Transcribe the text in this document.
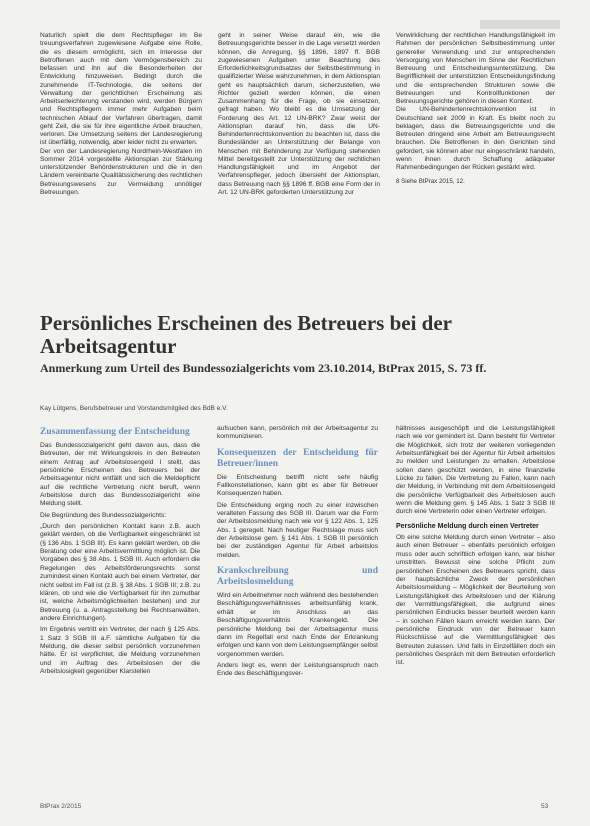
Naturlich spielt die dem Rechtspfleger im Be treuungsverfahren zugewiesene Aufgabe eine Rolle, die es diesem ermöglicht, sich im Interesse der Betroffenen auch mit dem Vermögensbereich zu befassen und ihn auf die Besonderheiten der Entwicklung hinzuweisen. Bedingt durch die zunehmende IT-Technologie, die seitens der Verwaltung der gerichtlichen Erscheinung als Arbeitserleichterung verstanden wird, werden Bürgern und Rechtspflegern immer mehr Aufgaben beim technischen Ablauf der Verfahren übertragen, damit geht Zeit, die sie für ihre eigentliche Arbeit brauchen, verloren. Die Umsetzung seitens der Landesregierung ist überfällig, notwendig, aber leider nicht zu erwarten.

Der von der Landesregierung Nordrhein-Westfalen im Sommer 2014 vorgestellte Aktionsplan zur Stärkung unterstützender Behördenstrukturen und die in den Ländern vereinbarte Qualitätssicherung des rechtlichen Betreuungswesens zur Vermeidung unnötiger Betreuungen.

geht in seiner Weise darauf ein, wie die Betreuungsgerichte besser in die Lage versetzt werden können, die Anregung, §§ 1896, 1897 ff. BGB zugewiesenen Aufgaben unter Beachtung des Erforderlichkeitsgrundsatzes der Selbstbestimmung in qualifizierter Weise wahrzunehmen, in dem Aktionsplan geht es hauptsächlich darum, sicherzustellen, wie Richter gezielt werden können, die einen Zusammenhang für die Frage, ob sie einsetzen, gefragt haben. Wo bleibt es die Umsetzung der Forderung des Art. 12 UN-BRK? Zwar weist der Aktionsplan darauf hin, dass die UN-Behindertenrechtskonvention zu beachten ist, dass die Bundesländer an Unterstützung der Belange von Menschen mit Behinderung zur Verfügung stehenden Mittel bereitgestellt zur Unterstützung der rechtlichen Handlungsfähigkeit und im Angebot der Verfahrenspfleger, jedoch übersieht der Aktionsplan, dass Betreuung nach §§ 1896 ff. BGB eine Form der in Art. 12 UN-BRK geforderten Unterstützung zur

Verwirklichung der rechtlichen Handlungsfähigkeit im Rahmen der persönlichen Selbstbestimmung unter genereller Verwendung und zur entsprechenden Versorgung von Menschen im Sinne der Rechtlichen Betreuung und Entscheidungsunterstützung. Die Begrifflichkeit der unterstützten Entscheidungsfindung und die entsprechenden Strukturen sowie die Betreuungen und Kontrollfunktionen der Betreuungsgerichte gehören in diesen Kontext.

Die UN-Behindertenrechtskonvention ist in Deutschland seit 2009 in Kraft. Es bleibt noch zu beklagen, dass die Betreuungsgerichte und die Betreuten dringend eine Arbeit am Betreuungsrecht brauchen. Die Betroffenen in den Gerichten sind gefordert, sie können aber nur eingeschränkt handeln, wenn ihnen durch Schaffung adäquater Rahmenbedingungen der Rücken gestärkt wird.

8 Siehe BtPrax 2015, 12.

Persönliches Erscheinen des Betreuers bei der Arbeitsagentur
Anmerkung zum Urteil des Bundessozialgerichts vom 23.10.2014, BtPrax 2015, S. 73 ff.
Kay Lütgens, Berufsbetreuer und Vorstandsmitglied des BdB e.V.

Zusammenfassung der Entscheidung

Das Bundessozialgericht geht davon aus, dass die Betreuten, der mit Wirkungskreis in den Betreuten einem Antrag auf Arbeitslosengeld I stellt, das persönliche Erscheinen des Betreuers bei der Arbeitsagentur nicht entfällt und sich die Meldepflicht auf die rechtliche Vertretung nicht beruft, wenn Arbeitslose durch das Bundessozialgericht eine Meldung stellt.

Die Begründung des Bundessozialgerichts:

„Durch den persönlichen Kontakt kann z.B. auch geklärt werden, ob die Verfügbarkeit eingeschränkt ist (§ 136 Abs. 1 SGB III). Es kann geklärt werden, ob die Beratung oder eine Arbeitsvermittlung möglich ist. Die Vorgaben des § 38 Abs. 1 SGB III. Auch erfordern die Regelungen des Arbeitsförderungsrechts sonst zumindest einen Kontakt auch bei einem Vertreter, der nicht selbst im Fall ist (z.B. § 38 Abs. 1 SGB III; z.B. zu klären, ob und wie die Verfügbarkeit für ihn zumutbar ist, welche Arbeitsmöglichkeiten bestehen) und zur Betreuung (u. a. Antragsstellung bei Rechtsanwälten, andere Einrichtungen).

Im Ergebnis vertritt ein Vertreter, der nach § 125 Abs. 1 Satz 3 SGB III a.F. sämtliche Aufgaben für die Meldung, die dieser selbst persönlich vorzunehmen hätte. Er ist verpflichtet, die Meldung vorzunehmen und im Auftrag des Arbeitslosen der die Arbeitslosigkeit gegenüber Klarstellen

aufsuchen kann, persönlich mit der Arbeitsagentur zu kommunizieren.

Konsequenzen der Entscheidung für Betreuer/innen

Die Entscheidung betrifft nicht sehr häufig Fallkonstellationen, kann gibt es aber für Betreuer Konsequenzen haben.

Die Entscheidung erging noch zu einer inzwischen veralteten Fassung des SGB III. Darum war die Form der Arbeitslosmeldung nach wie vor § 122 Abs. 1, 125 Abs. 1 geregelt. Nach heutiger Rechtslage muss sich der Arbeitslose gem. § 141 Abs. 1 SGB III persönlich bei der zuständigen Agentur für Arbeit arbeitslos melden.

Krankschreibung und Arbeitslosmeldung

Wird ein Arbeitnehmer noch während des bestehenden Beschäftigungsverhältnisses arbeitsunfähig krank, erhält er im Anschluss an das Beschäftigungsverhältnis Krankengeld. Die persönliche Meldung bei der Arbeitsagentur muss dann im Regelfall erst nach Ende der Erkrankung erfolgen und kann von dem Leistungsempfänger selbst vorgenommen werden.

Anders liegt es, wenn der Leistungsanspruch nach Ende des Beschäftigungsver-

hältnisses ausgeschöpft und die Leistungsfähigkeit nach wie vor gemindert ist. Dann besteht für Vertreter die Möglichkeit, sich trotz der weiteren vorliegenden Arbeitsunfähigkeit bei der Agentur für Arbeit arbeitslos zu melden und Leistungen zu erhalten. Arbeitslose sollen dann geschützt werden, in eine finanzielle Lücke zu fallen. Die Vertretung zu Fallen, kann nach der Meldung, in Verbindung mit dem Arbeitslosengeld die persönliche Verfügbarkeit des Arbeitslosen auch wenn die Meldung gem. § 145 Abs. 1 Satz 3 SGB III durch eine Vertreterin oder einen Vertreter erfolgen.

Persönliche Meldung durch einen Vertreter

Ob eine solche Meldung durch einen Vertreter – also auch einen Betreuer – ebenfalls persönlich erfolgen muss oder auch schriftlich erfolgen kann, war bisher umstritten. Bewusst eine solche Pflicht zum persönlichen Erscheinen des Betreuers spricht, dass der hauptsächliche Zweck der persönlichen Arbeitslosmeldung – Möglichkeit der Beurteilung von Leistungsfähigkeit des Arbeitslosen und der Klärung der Vermittlungsfähigkeit, die aufgrund eines persönlichen Eindrucks besser beurteilt werden kann – in solchen Fällen kaum erreicht werden kann. Der persönliche Eindruck von der Betreuer kann Rückschlüsse auf die Vermittlungsfähigkeit des Betreuten zulassen. Und falls in Einzelfällen doch ein persönliches Gespräch mit dem Betreuten erforderlich ist.

BtPrax 2/2015	53
